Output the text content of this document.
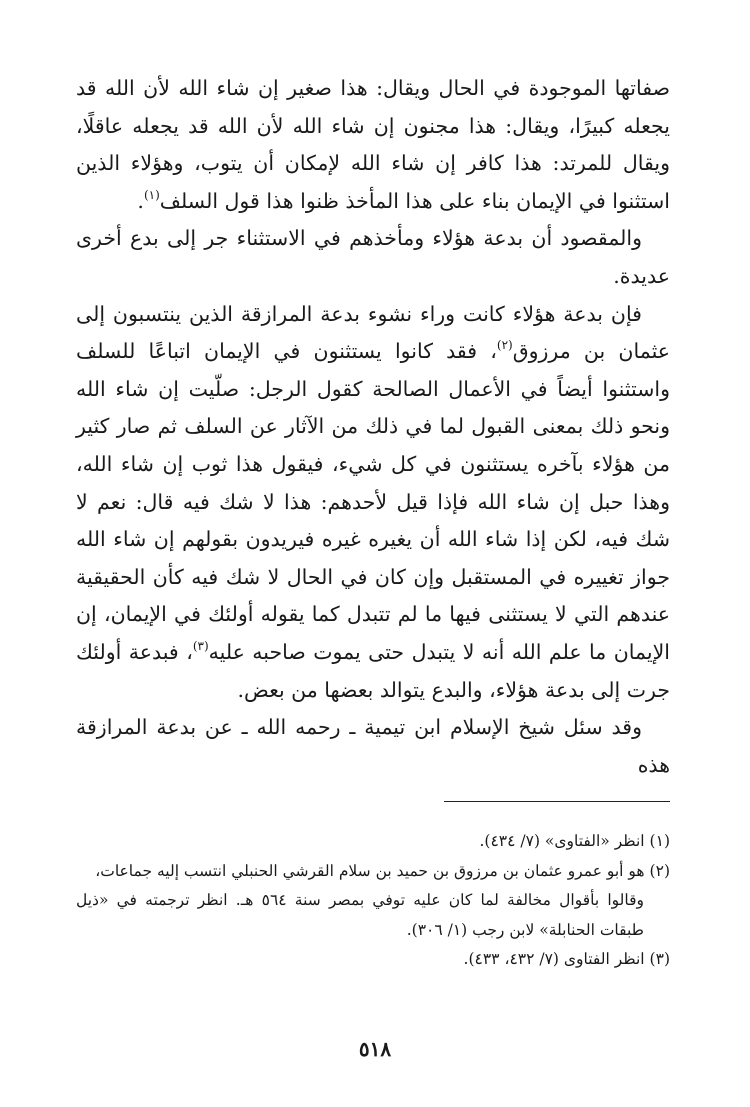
صفاتها الموجودة في الحال ويقال: هذا صغير إن شاء الله لأن الله قد يجعله كبيرًا، ويقال: هذا مجنون إن شاء الله لأن الله قد يجعله عاقلًا، ويقال للمرتد: هذا كافر إن شاء الله لإمكان أن يتوب، وهؤلاء الذين استثنوا في الإيمان بناء على هذا المأخذ ظنوا هذا قول السلف$^{(١)}$.

والمقصود أن بدعة هؤلاء ومأخذهم في الاستثناء جر إلى بدع أخرى عديدة.

فإن بدعة هؤلاء كانت وراء نشوء بدعة المرازقة الذين ينتسبون إلى عثمان بن مرزوق$^{(٢)}$، فقد كانوا يستثنون في الإيمان اتباعًا للسلف واستثنوا أيضاً في الأعمال الصالحة كقول الرجل: صلّيت إن شاء الله ونحو ذلك بمعنى القبول لما في ذلك من الآثار عن السلف ثم صار كثير من هؤلاء بآخره يستثنون في كل شيء، فيقول هذا ثوب إن شاء الله، وهذا حبل إن شاء الله فإذا قيل لأحدهم: هذا لا شك فيه قال: نعم لا شك فيه، لكن إذا شاء الله أن يغيره غيره فيريدون بقولهم إن شاء الله جواز تغييره في المستقبل وإن كان في الحال لا شك فيه كأن الحقيقية عندهم التي لا يستثنى فيها ما لم تتبدل كما يقوله أولئك في الإيمان، إن الإيمان ما علم الله أنه لا يتبدل حتى يموت صاحبه عليه$^{(٣)}$، فبدعة أولئك جرت إلى بدعة هؤلاء، والبدع يتوالد بعضها من بعض.

وقد سئل شيخ الإسلام ابن تيمية ـ رحمه الله ـ عن بدعة المرازقة هذه

(١) انظر «الفتاوى» (٧/ ٤٣٤).

(٢) هو أبو عمرو عثمان بن مرزوق بن حميد بن سلام القرشي الحنبلي انتسب إليه جماعات،
وقالوا بأقوال مخالفة لما كان عليه توفي بمصر سنة ٥٦٤ هـ. انظر ترجمته في «ذيل طبقات الحنابلة» لابن رجب (١/ ٣٠٦).

(٣) انظر الفتاوى (٧/ ٤٣٢، ٤٣٣).

٥١٨
